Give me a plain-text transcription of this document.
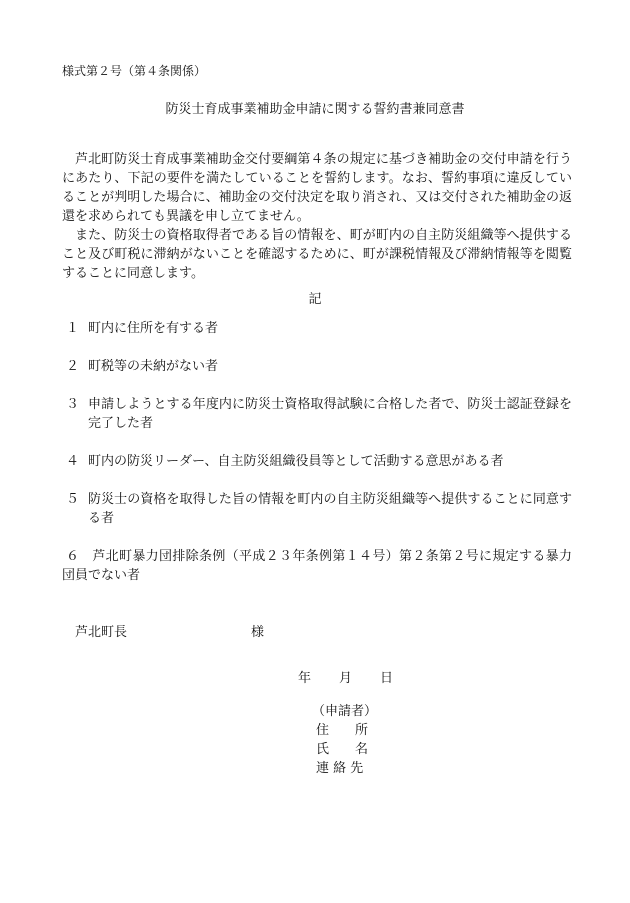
様式第２号（第４条関係）
防災士育成事業補助金申請に関する誓約書兼同意書

芦北町防災士育成事業補助金交付要綱第４条の規定に基づき補助金の交付申請を行うにあたり、下記の要件を満たしていることを誓約します。なお、誓約事項に違反していることが判明した場合に、補助金の交付決定を取り消され、又は交付された補助金の返還を求められても異議を申し立てません。

また、防災士の資格取得者である旨の情報を、町が町内の自主防災組織等へ提供すること及び町税に滞納がないことを確認するために、町が課税情報及び滞納情報等を閲覧することに同意します。

記
１ 町内に住所を有する者
２ 町税等の未納がない者
３ 申請しようとする年度内に防災士資格取得試験に合格した者で、防災士認証登録を完了した者
４ 町内の防災リーダー、自主防災組織役員等として活動する意思がある者
５ 防災士の資格を取得した旨の情報を町内の自主防災組織等へ提供することに同意する者
６ 芦北町暴力団排除条例（平成２３年条例第１４号）第２条第２号に規定する暴力団員でない者
芦北町長	様
年 月 日
（申請者）
住　　所
氏　　名
連 絡 先
